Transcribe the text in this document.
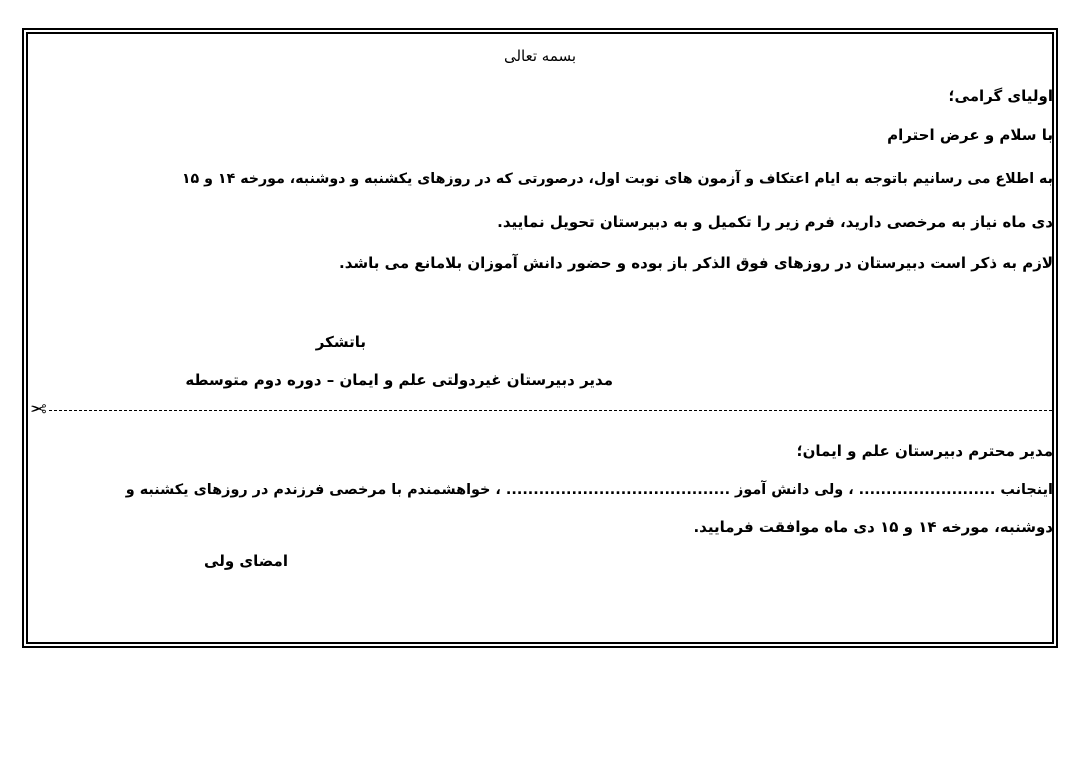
بسمه تعالی
اولیای گرامی؛
با سلام و عرض احترام
به اطلاع می رسانیم باتوجه به ایام اعتکاف و آزمون های نوبت اول، درصورتی که در روزهای یکشنبه و دوشنبه، مورخه ۱۴ و ۱۵
دی ماه نیاز به مرخصی دارید، فرم زیر را تکمیل و به دبیرستان تحویل نمایید.
لازم به ذکر است دبیرستان در روزهای فوق الذکر باز بوده و حضور دانش آموزان بلامانع می باشد.
باتشکر
مدیر دبیرستان غیردولتی علم و ایمان – دوره دوم متوسطه
✂
مدیر محترم دبیرستان علم و ایمان؛
اینجانب ......................... ، ولی دانش آموز ......................................... ، خواهشمندم با مرخصی فرزندم در روزهای یکشنبه و
دوشنبه، مورخه ۱۴ و ۱۵ دی ماه موافقت فرمایید.
امضای ولی
